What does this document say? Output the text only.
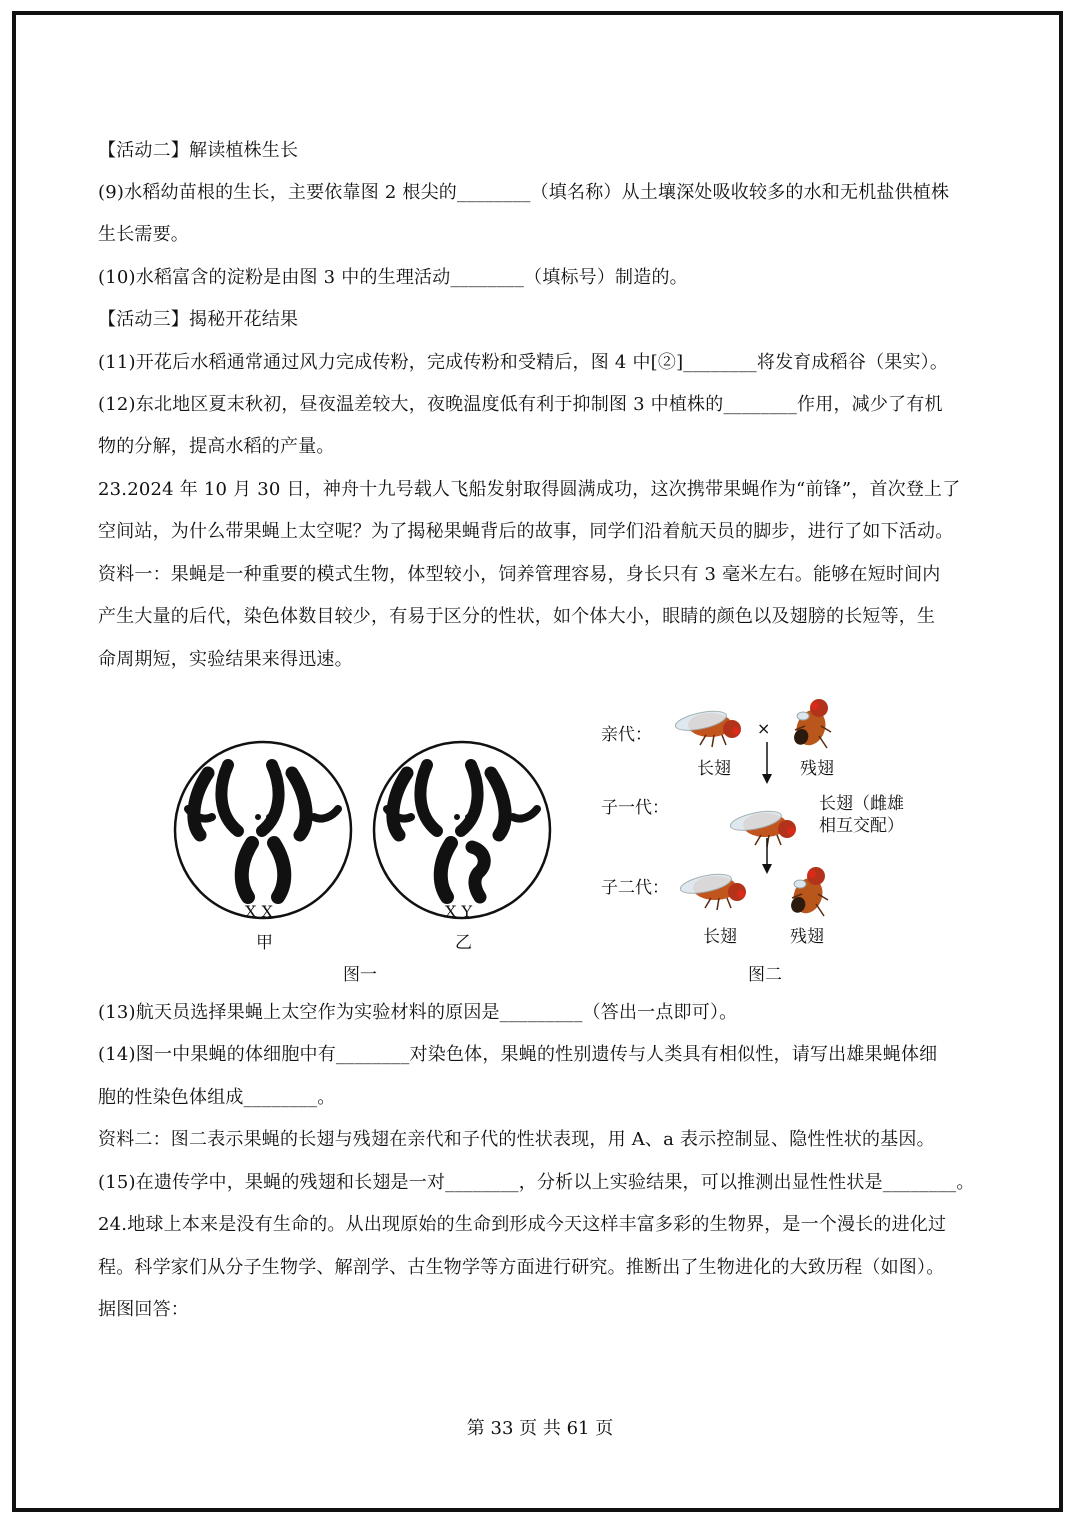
【活动二】解读植株生长
(9)水稻幼苗根的生长，主要依靠图 2 根尖的________（填名称）从土壤深处吸收较多的水和无机盐供植株
生长需要。
(10)水稻富含的淀粉是由图 3 中的生理活动________（填标号）制造的。
【活动三】揭秘开花结果
(11)开花后水稻通常通过风力完成传粉，完成传粉和受精后，图 4 中[②]________将发育成稻谷（果实）。
(12)东北地区夏末秋初，昼夜温差较大，夜晚温度低有利于抑制图 3 中植株的________作用，减少了有机
物的分解，提高水稻的产量。
23.2024 年 10 月 30 日，神舟十九号载人飞船发射取得圆满成功，这次携带果蝇作为“前锋”，首次登上了
空间站，为什么带果蝇上太空呢？为了揭秘果蝇背后的故事，同学们沿着航天员的脚步，进行了如下活动。
资料一：果蝇是一种重要的模式生物，体型较小，饲养管理容易，身长只有 3 毫米左右。能够在短时间内
产生大量的后代，染色体数目较少，有易于区分的性状，如个体大小，眼睛的颜色以及翅膀的长短等，生
命周期短，实验结果来得迅速。
(13)航天员选择果蝇上太空作为实验材料的原因是_________（答出一点即可）。
(14)图一中果蝇的体细胞中有________对染色体，果蝇的性别遗传与人类具有相似性，请写出雄果蝇体细
胞的性染色体组成________。
资料二：图二表示果蝇的长翅与残翅在亲代和子代的性状表现，用 A、a 表示控制显、隐性性状的基因。
(15)在遗传学中，果蝇的残翅和长翅是一对________，分析以上实验结果，可以推测出显性性状是________。
24.地球上本来是没有生命的。从出现原始的生命到形成今天这样丰富多彩的生物界，是一个漫长的进化过
程。科学家们从分子生物学、解剖学、古生物学等方面进行研究。推断出了生物进化的大致历程（如图）。
据图回答：
X X	X Y
甲	乙
图一
亲代：	×
长翅	残翅
子一代：	长翅（雌雄
相互交配）
子二代：
长翅	残翅
图二
第 33 页 共 61 页
